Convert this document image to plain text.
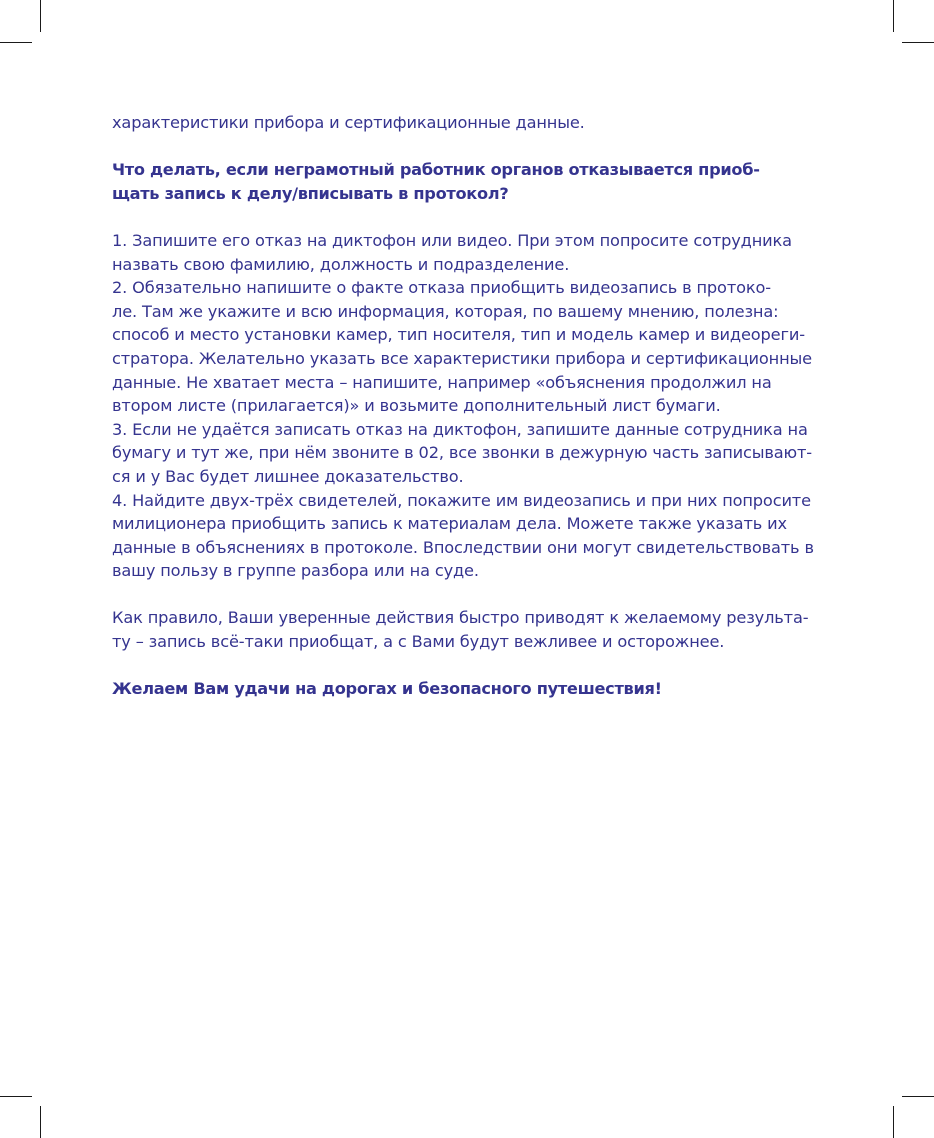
характеристики прибора и сертификационные данные.
Что делать, если неграмотный работник органов отказывается приоб-
щать запись к делу/вписывать в протокол?
1. Запишите его отказ на диктофон или видео. При этом попросите сотрудника
назвать свою фамилию, должность и подразделение.
2. Обязательно напишите о факте отказа приобщить видеозапись в протоко-
ле. Там же укажите и всю информация, которая, по вашему мнению, полезна:
способ и место установки камер, тип носителя, тип и модель камер и видеореги-
стратора. Желательно указать все характеристики прибора и сертификационные
данные. Не хватает места – напишите, например «объяснения продолжил на
втором листе (прилагается)» и возьмите дополнительный лист бумаги.
3. Если не удаётся записать отказ на диктофон, запишите данные сотрудника на
бумагу и тут же, при нём звоните в 02, все звонки в дежурную часть записывают-
ся и у Вас будет лишнее доказательство.
4. Найдите двух-трёх свидетелей, покажите им видеозапись и при них попросите
милиционера приобщить запись к материалам дела. Можете также указать их
данные в объяснениях в протоколе. Впоследствии они могут свидетельствовать в
вашу пользу в группе разбора или на суде.
Как правило, Ваши уверенные действия быстро приводят к желаемому результа-
ту – запись всё-таки приобщат, а с Вами будут вежливее и осторожнее.
Желаем Вам удачи на дорогах и безопасного путешествия!
